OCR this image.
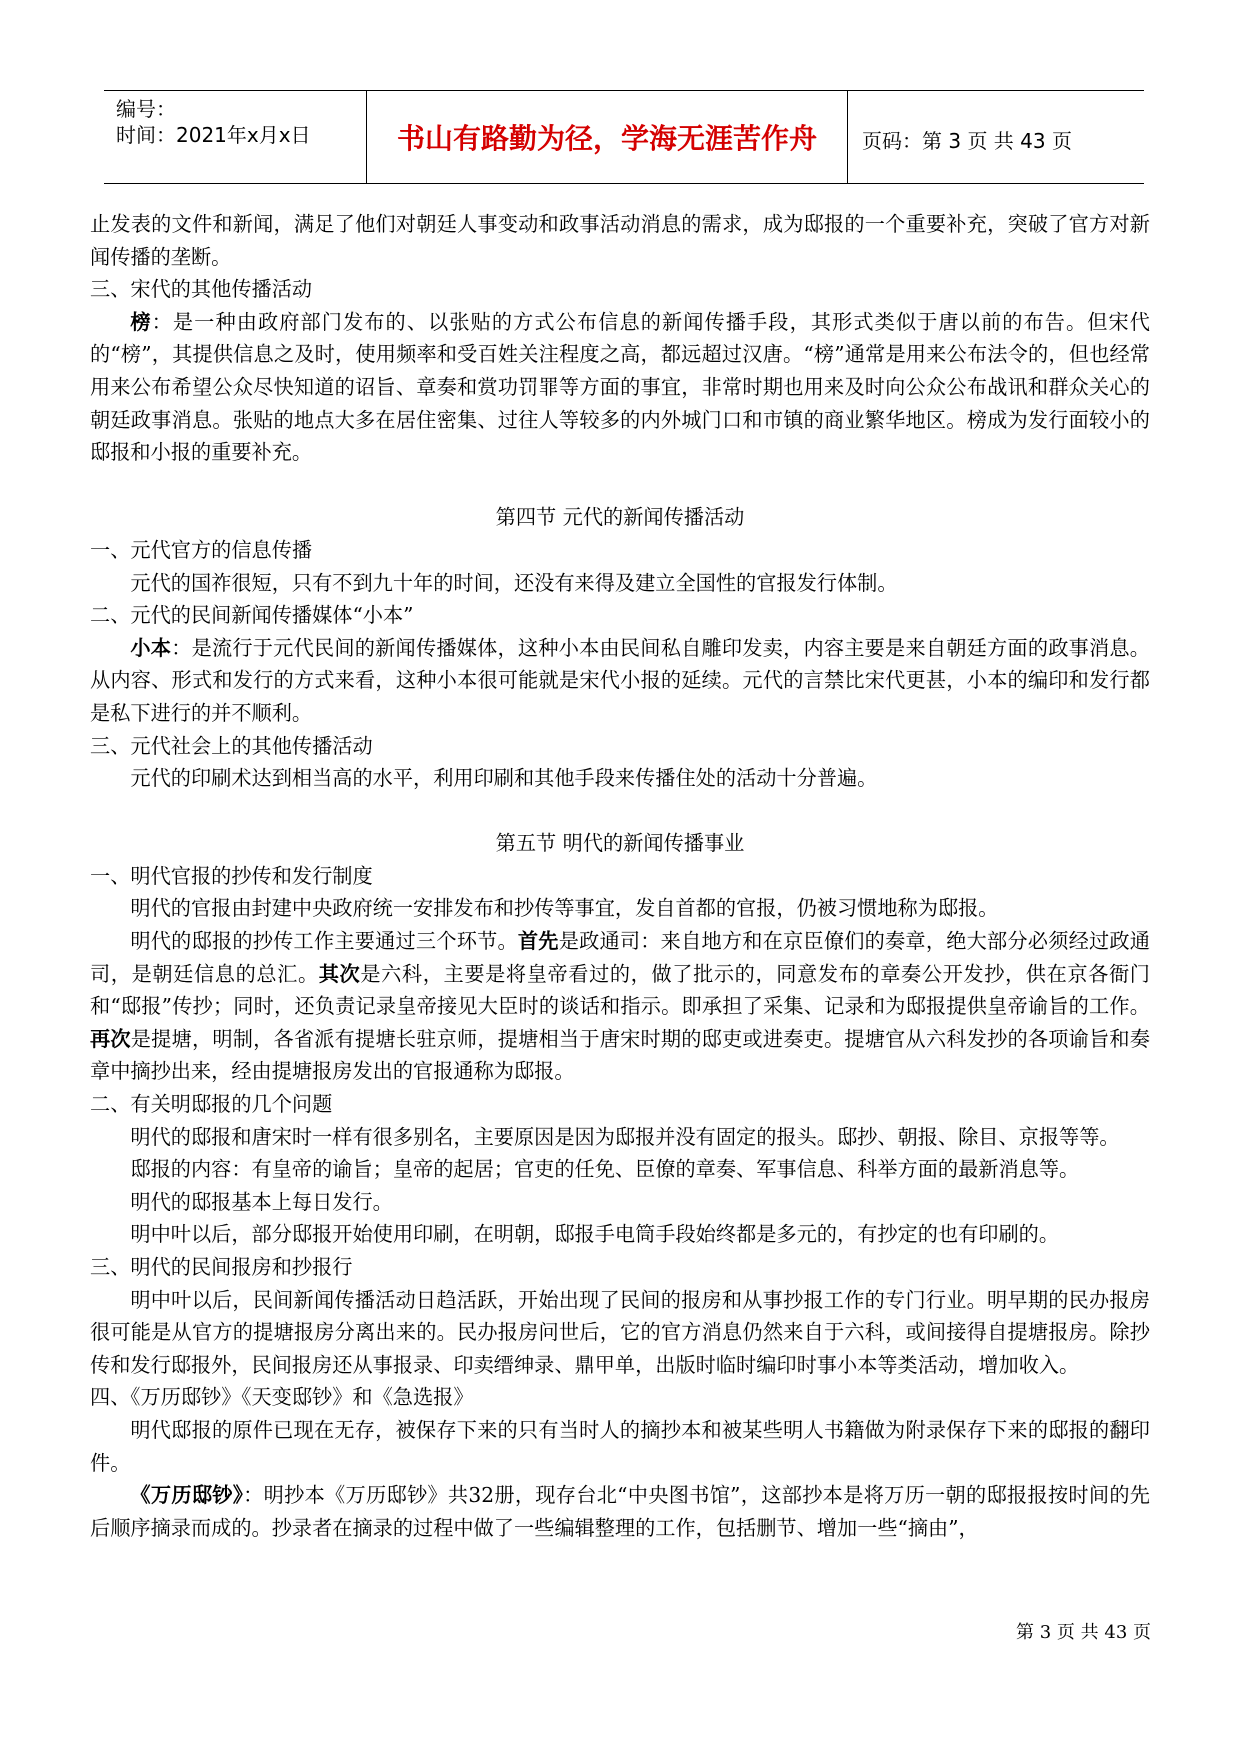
编号：
时间：2021年x月x日	书山有路勤为径，学海无涯苦作舟	页码：第 3 页 共 43 页

止发表的文件和新闻，满足了他们对朝廷人事变动和政事活动消息的需求，成为邸报的一个重要补充，突破了官方对新闻传播的垄断。

三、宋代的其他传播活动

榜：是一种由政府部门发布的、以张贴的方式公布信息的新闻传播手段，其形式类似于唐以前的布告。但宋代的“榜”，其提供信息之及时，使用频率和受百姓关注程度之高，都远超过汉唐。“榜”通常是用来公布法令的，但也经常用来公布希望公众尽快知道的诏旨、章奏和赏功罚罪等方面的事宜，非常时期也用来及时向公众公布战讯和群众关心的朝廷政事消息。张贴的地点大多在居住密集、过往人等较多的内外城门口和市镇的商业繁华地区。榜成为发行面较小的邸报和小报的重要补充。

第四节 元代的新闻传播活动

一、元代官方的信息传播

元代的国祚很短，只有不到九十年的时间，还没有来得及建立全国性的官报发行体制。

二、元代的民间新闻传播媒体“小本”

小本：是流行于元代民间的新闻传播媒体，这种小本由民间私自雕印发卖，内容主要是来自朝廷方面的政事消息。从内容、形式和发行的方式来看，这种小本很可能就是宋代小报的延续。元代的言禁比宋代更甚，小本的编印和发行都是私下进行的并不顺利。

三、元代社会上的其他传播活动

元代的印刷术达到相当高的水平，利用印刷和其他手段来传播住处的活动十分普遍。

第五节 明代的新闻传播事业

一、明代官报的抄传和发行制度

明代的官报由封建中央政府统一安排发布和抄传等事宜，发自首都的官报，仍被习惯地称为邸报。

明代的邸报的抄传工作主要通过三个环节。首先是政通司：来自地方和在京臣僚们的奏章，绝大部分必须经过政通司，是朝廷信息的总汇。其次是六科，主要是将皇帝看过的，做了批示的，同意发布的章奏公开发抄，供在京各衙门和“邸报”传抄；同时，还负责记录皇帝接见大臣时的谈话和指示。即承担了采集、记录和为邸报提供皇帝谕旨的工作。再次是提塘，明制，各省派有提塘长驻京师，提塘相当于唐宋时期的邸吏或进奏吏。提塘官从六科发抄的各项谕旨和奏章中摘抄出来，经由提塘报房发出的官报通称为邸报。

二、有关明邸报的几个问题

明代的邸报和唐宋时一样有很多别名，主要原因是因为邸报并没有固定的报头。邸抄、朝报、除目、京报等等。

邸报的内容：有皇帝的谕旨；皇帝的起居；官吏的任免、臣僚的章奏、军事信息、科举方面的最新消息等。

明代的邸报基本上每日发行。

明中叶以后，部分邸报开始使用印刷，在明朝，邸报手电筒手段始终都是多元的，有抄定的也有印刷的。

三、明代的民间报房和抄报行

明中叶以后，民间新闻传播活动日趋活跃，开始出现了民间的报房和从事抄报工作的专门行业。明早期的民办报房很可能是从官方的提塘报房分离出来的。民办报房问世后，它的官方消息仍然来自于六科，或间接得自提塘报房。除抄传和发行邸报外，民间报房还从事报录、印卖缙绅录、鼎甲单，出版时临时编印时事小本等类活动，增加收入。

四、《万历邸钞》《天变邸钞》和《急选报》

明代邸报的原件已现在无存，被保存下来的只有当时人的摘抄本和被某些明人书籍做为附录保存下来的邸报的翻印件。

《万历邸钞》：明抄本《万历邸钞》共32册，现存台北“中央图书馆”，这部抄本是将万历一朝的邸报报按时间的先后顺序摘录而成的。抄录者在摘录的过程中做了一些编辑整理的工作，包括删节、增加一些“摘由”，

第 3 页 共 43 页
